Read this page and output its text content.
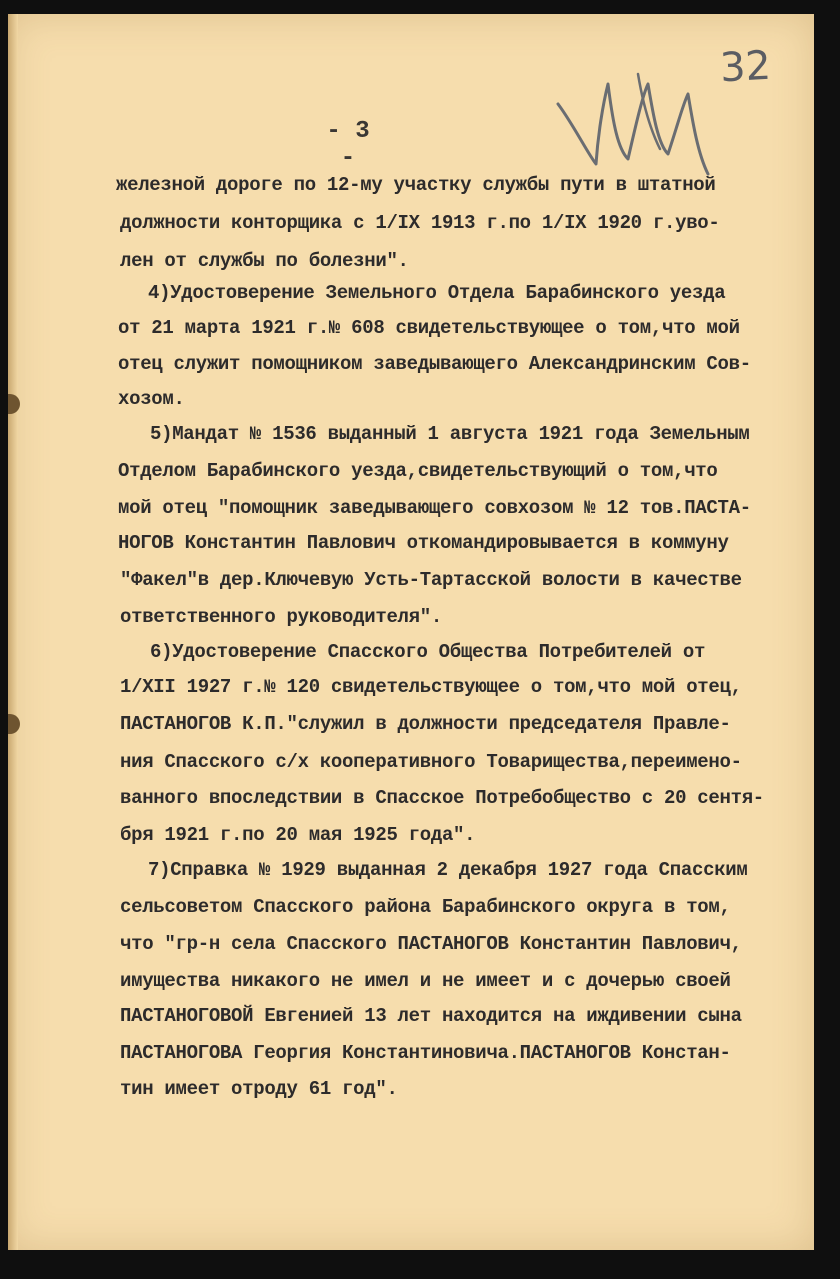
- 3 -
32
железной дороге по 12-му участку службы пути в штатной
должности конторщика с 1/IX 1913 г.по 1/IX 1920 г.уво-
лен от службы по болезни".
4)Удостоверение Земельного Отдела Барабинского уезда
от 21 марта 1921 г.№ 608 свидетельствующее о том,что мой
отец служит помощником заведывающего Александринским Сов-
хозом.
5)Мандат № 1536 выданный 1 августа 1921 года Земельным
Отделом Барабинского уезда,свидетельствующий о том,что
мой отец "помощник заведывающего совхозом № 12 тов.ПАСТА-
НОГОВ Константин Павлович откомандировывается в коммуну
"Факел"в дер.Ключевую Усть-Тартасской волости в качестве
ответственного руководителя".
6)Удостоверение Спасского Общества Потребителей от
1/XII 1927 г.№ 120 свидетельствующее о том,что мой отец,
ПАСТАНОГОВ К.П."служил в должности председателя Правле-
ния Спасского с/х кооперативного Товарищества,переимено-
ванного впоследствии в Спасское Потребобщество с 20 сентя-
бря 1921 г.по 20 мая 1925 года".
7)Справка № 1929 выданная 2 декабря 1927 года Спасским
сельсоветом Спасского района Барабинского округа в том,
что "гр-н села Спасского ПАСТАНОГОВ Константин Павлович,
имущества никакого не имел и не имеет и с дочерью своей
ПАСТАНОГОВОЙ Евгенией 13 лет находится на иждивении сына
ПАСТАНОГОВА Георгия Константиновича.ПАСТАНОГОВ Констан-
тин имеет отроду 61 год".
